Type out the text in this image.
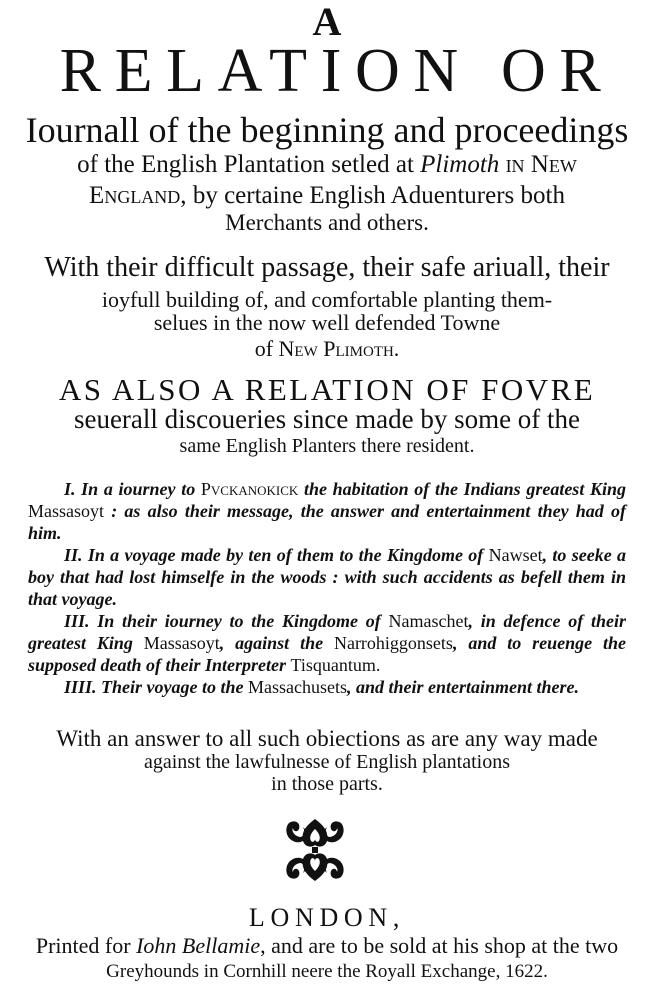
A
RELATION OR
Iournall of the beginning and proceedings
of the English Plantation setled at Plimoth in New
England, by certaine English Aduenturers both
Merchants and others.
With their difficult passage, their safe ariuall, their
ioyfull building of, and comfortable planting them-
selues in the now well defended Towne
of New Plimoth.
AS ALSO A RELATION OF FOVRE
seuerall discoueries since made by some of the
same English Planters there resident.

I. In a iourney to Pvckanokick the habitation of the Indians greatest King Massasoyt : as also their message, the answer and entertainment they had of him.

II. In a voyage made by ten of them to the Kingdome of Nawset, to seeke a boy that had lost himselfe in the woods : with such accidents as befell them in that voyage.

III. In their iourney to the Kingdome of Namaschet, in defence of their greatest King Massasoyt, against the Narrohiggonsets, and to reuenge the supposed death of their Interpreter Tisquantum.

IIII. Their voyage to the Massachusets, and their entertainment there.

With an answer to all such obiections as are any way made
against the lawfulnesse of English plantations
in those parts.
LONDON,
Printed for Iohn Bellamie, and are to be sold at his shop at the two
Greyhounds in Cornhill neere the Royall Exchange, 1622.
